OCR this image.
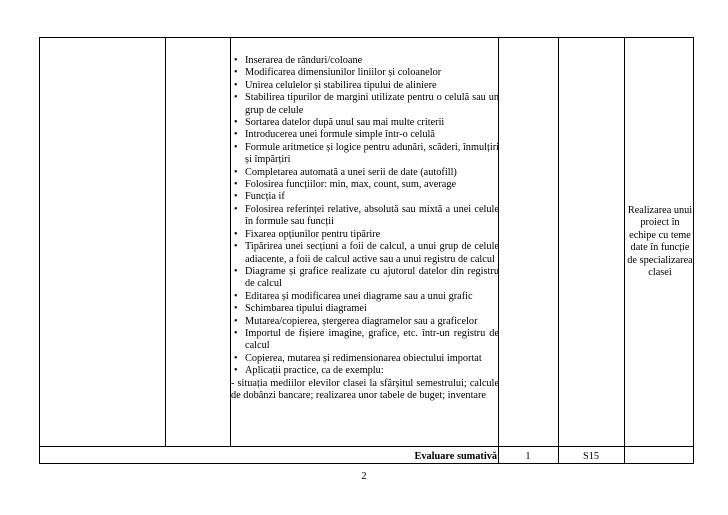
• Inserarea de rânduri/coloane
• Modificarea dimensiunilor liniilor și coloanelor
• Unirea celulelor și stabilirea tipului de aliniere
• Stabilirea tipurilor de margini utilizate pentru o celulă sau un grup de celule
• Sortarea datelor după unul sau mai multe criterii
• Introducerea unei formule simple într-o celulă
• Formule aritmetice și logice pentru adunări, scăderi, înmulțiri și împărțiri
• Completarea automată a unei serii de date (autofill)
• Folosirea funcțiilor: min, max, count, sum, average
• Funcția if
• Folosirea referinței relative, absolută sau mixtă a unei celule în formule sau funcții
• Fixarea opțiunilor pentru tipărire
• Tipărirea unei secțiuni a foii de calcul, a unui grup de celule adiacente, a foii de calcul active sau a unui registru de calcul
• Diagrame și grafice realizate cu ajutorul datelor din registru de calcul
• Editarea și modificarea unei diagrame sau a unui grafic
• Schimbarea tipului diagramei
• Mutarea/copierea, ștergerea diagramelor sau a graficelor
• Importul de fișiere imagine, grafice, etc. într-un registru de calcul
• Copierea, mutarea și redimensionarea obiectului importat
• Aplicații practice, ca de exemplu:
- situația mediilor elevilor clasei la sfârșitul semestrului; calcule de dobânzi bancare; realizarea unor tabele de buget; inventare
Realizarea unui proiect în echipe cu teme date în funcție de specializarea clasei
Evaluare sumativă	1	S15
2
